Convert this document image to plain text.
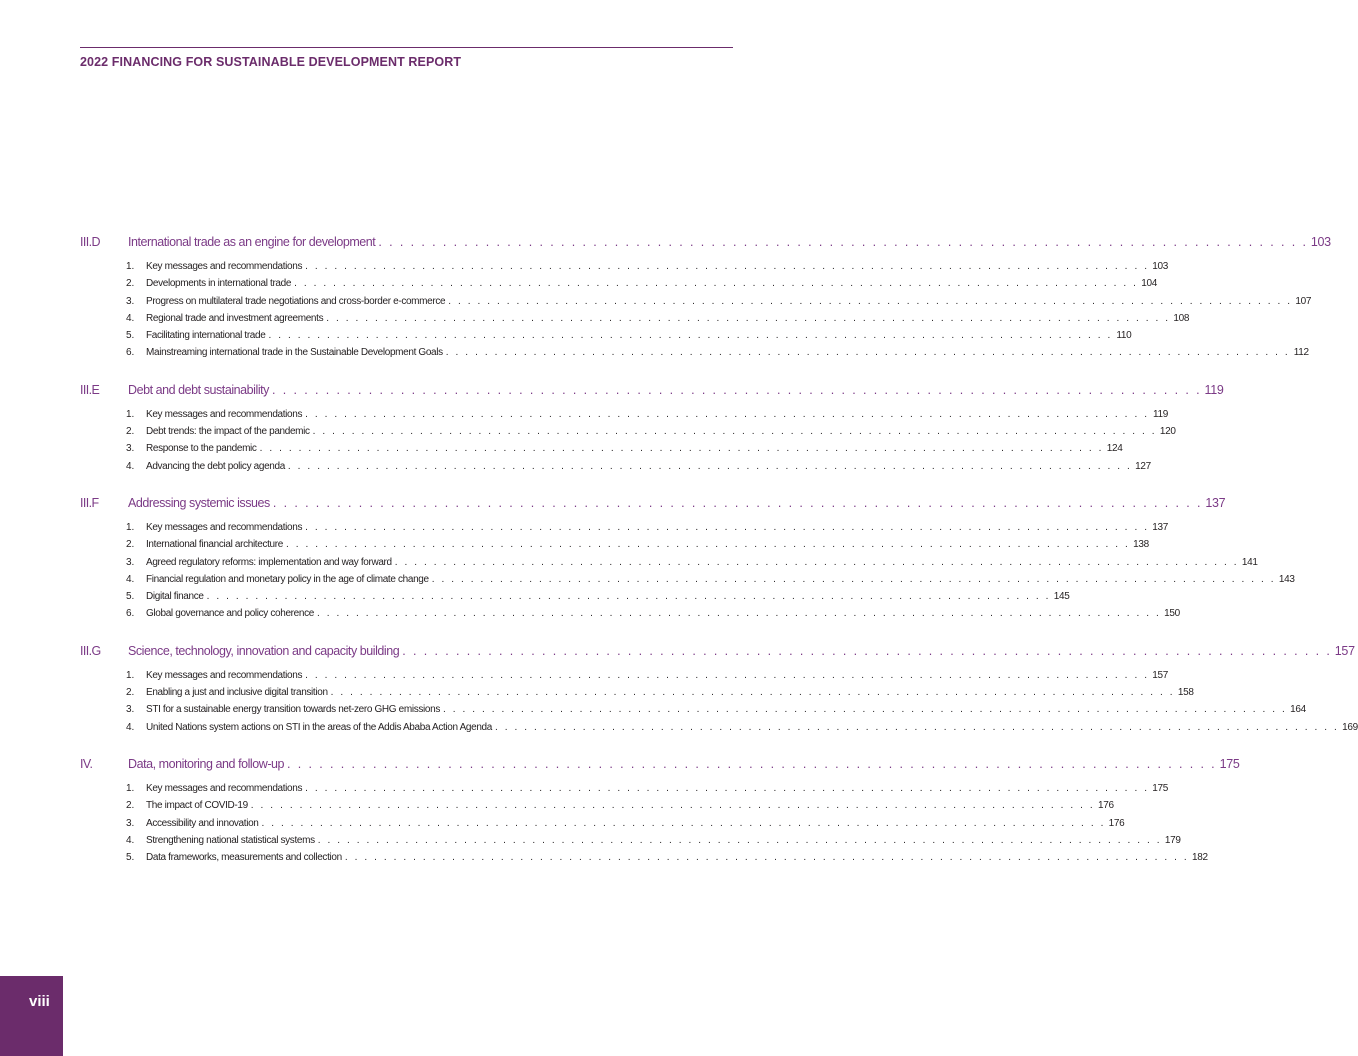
2022 FINANCING FOR SUSTAINABLE DEVELOPMENT REPORT
III.D International trade as an engine for development . . . . . . . . . . . . . . . . . . . . . . . . . . . . . . . . . . . . . . . . . . . . . . . . . . . . . . . . . . . . . . . . . . . . . . . . . . . . . . . . . . . . . . . 103
1. Key messages and recommendations . . . . . . . . . . . . . . . . . . . . . . . . . . . . . . . . . . . . . . . . . . . . . . . . . . . . . . . . . . . . . . . . . . . . . . . . . . . . . . . . . . . . . . . 103
2. Developments in international trade . . . . . . . . . . . . . . . . . . . . . . . . . . . . . . . . . . . . . . . . . . . . . . . . . . . . . . . . . . . . . . . . . . . . . . . . . . . . . . . . . . . . . . . 104
3. Progress on multilateral trade negotiations and cross-border e-commerce . . . . . . . . . . . . . . . . . . . . . . . . . . . . . . . . . . . . . . . . . . . . . . . . . . . . . . . . . . . . . . . . . . . . . . . . . . . . . . . . . . . . . . . 107
4. Regional trade and investment agreements . . . . . . . . . . . . . . . . . . . . . . . . . . . . . . . . . . . . . . . . . . . . . . . . . . . . . . . . . . . . . . . . . . . . . . . . . . . . . . . . . . . . . . . 108
5. Facilitating international trade . . . . . . . . . . . . . . . . . . . . . . . . . . . . . . . . . . . . . . . . . . . . . . . . . . . . . . . . . . . . . . . . . . . . . . . . . . . . . . . . . . . . . . . 110
6. Mainstreaming international trade in the Sustainable Development Goals . . . . . . . . . . . . . . . . . . . . . . . . . . . . . . . . . . . . . . . . . . . . . . . . . . . . . . . . . . . . . . . . . . . . . . . . . . . . . . . . . . . . . . . 112
III.E Debt and debt sustainability . . . . . . . . . . . . . . . . . . . . . . . . . . . . . . . . . . . . . . . . . . . . . . . . . . . . . . . . . . . . . . . . . . . . . . . . . . . . . . . . . . . . . . . 119
1. Key messages and recommendations . . . . . . . . . . . . . . . . . . . . . . . . . . . . . . . . . . . . . . . . . . . . . . . . . . . . . . . . . . . . . . . . . . . . . . . . . . . . . . . . . . . . . . . 119
2. Debt trends: the impact of the pandemic . . . . . . . . . . . . . . . . . . . . . . . . . . . . . . . . . . . . . . . . . . . . . . . . . . . . . . . . . . . . . . . . . . . . . . . . . . . . . . . . . . . . . . . 120
3. Response to the pandemic . . . . . . . . . . . . . . . . . . . . . . . . . . . . . . . . . . . . . . . . . . . . . . . . . . . . . . . . . . . . . . . . . . . . . . . . . . . . . . . . . . . . . . . 124
4. Advancing the debt policy agenda . . . . . . . . . . . . . . . . . . . . . . . . . . . . . . . . . . . . . . . . . . . . . . . . . . . . . . . . . . . . . . . . . . . . . . . . . . . . . . . . . . . . . . . 127
III.F Addressing systemic issues . . . . . . . . . . . . . . . . . . . . . . . . . . . . . . . . . . . . . . . . . . . . . . . . . . . . . . . . . . . . . . . . . . . . . . . . . . . . . . . . . . . . . . . 137
1. Key messages and recommendations . . . . . . . . . . . . . . . . . . . . . . . . . . . . . . . . . . . . . . . . . . . . . . . . . . . . . . . . . . . . . . . . . . . . . . . . . . . . . . . . . . . . . . . 137
2. International financial architecture . . . . . . . . . . . . . . . . . . . . . . . . . . . . . . . . . . . . . . . . . . . . . . . . . . . . . . . . . . . . . . . . . . . . . . . . . . . . . . . . . . . . . . . 138
3. Agreed regulatory reforms: implementation and way forward . . . . . . . . . . . . . . . . . . . . . . . . . . . . . . . . . . . . . . . . . . . . . . . . . . . . . . . . . . . . . . . . . . . . . . . . . . . . . . . . . . . . . . . 141
4. Financial regulation and monetary policy in the age of climate change . . . . . . . . . . . . . . . . . . . . . . . . . . . . . . . . . . . . . . . . . . . . . . . . . . . . . . . . . . . . . . . . . . . . . . . . . . . . . . . . . . . . . . . 143
5. Digital finance . . . . . . . . . . . . . . . . . . . . . . . . . . . . . . . . . . . . . . . . . . . . . . . . . . . . . . . . . . . . . . . . . . . . . . . . . . . . . . . . . . . . . . . 145
6. Global governance and policy coherence . . . . . . . . . . . . . . . . . . . . . . . . . . . . . . . . . . . . . . . . . . . . . . . . . . . . . . . . . . . . . . . . . . . . . . . . . . . . . . . . . . . . . . . 150
III.G Science, technology, innovation and capacity building . . . . . . . . . . . . . . . . . . . . . . . . . . . . . . . . . . . . . . . . . . . . . . . . . . . . . . . . . . . . . . . . . . . . . . . . . . . . . . . . . . . . . . . 157
1. Key messages and recommendations . . . . . . . . . . . . . . . . . . . . . . . . . . . . . . . . . . . . . . . . . . . . . . . . . . . . . . . . . . . . . . . . . . . . . . . . . . . . . . . . . . . . . . . 157
2. Enabling a just and inclusive digital transition . . . . . . . . . . . . . . . . . . . . . . . . . . . . . . . . . . . . . . . . . . . . . . . . . . . . . . . . . . . . . . . . . . . . . . . . . . . . . . . . . . . . . . . 158
3. STI for a sustainable energy transition towards net-zero GHG emissions . . . . . . . . . . . . . . . . . . . . . . . . . . . . . . . . . . . . . . . . . . . . . . . . . . . . . . . . . . . . . . . . . . . . . . . . . . . . . . . . . . . . . . . 164
4. United Nations system actions on STI in the areas of the Addis Ababa Action Agenda . . . . . . . . . . . . . . . . . . . . . . . . . . . . . . . . . . . . . . . . . . . . . . . . . . . . . . . . . . . . . . . . . . . . . . . . . . . . . . . . . . . . . . . 169
IV.	Data, monitoring and follow-up . . . . . . . . . . . . . . . . . . . . . . . . . . . . . . . . . . . . . . . . . . . . . . . . . . . . . . . . . . . . . . . . . . . . . . . . . . . . . . . . . . . . . . . 175
1. Key messages and recommendations . . . . . . . . . . . . . . . . . . . . . . . . . . . . . . . . . . . . . . . . . . . . . . . . . . . . . . . . . . . . . . . . . . . . . . . . . . . . . . . . . . . . . . . 175
2. The impact of COVID-19 . . . . . . . . . . . . . . . . . . . . . . . . . . . . . . . . . . . . . . . . . . . . . . . . . . . . . . . . . . . . . . . . . . . . . . . . . . . . . . . . . . . . . . . 176
3. Accessibility and innovation . . . . . . . . . . . . . . . . . . . . . . . . . . . . . . . . . . . . . . . . . . . . . . . . . . . . . . . . . . . . . . . . . . . . . . . . . . . . . . . . . . . . . . . 176
4. Strengthening national statistical systems . . . . . . . . . . . . . . . . . . . . . . . . . . . . . . . . . . . . . . . . . . . . . . . . . . . . . . . . . . . . . . . . . . . . . . . . . . . . . . . . . . . . . . . 179
5. Data frameworks, measurements and collection . . . . . . . . . . . . . . . . . . . . . . . . . . . . . . . . . . . . . . . . . . . . . . . . . . . . . . . . . . . . . . . . . . . . . . . . . . . . . . . . . . . . . . . 182
viii
